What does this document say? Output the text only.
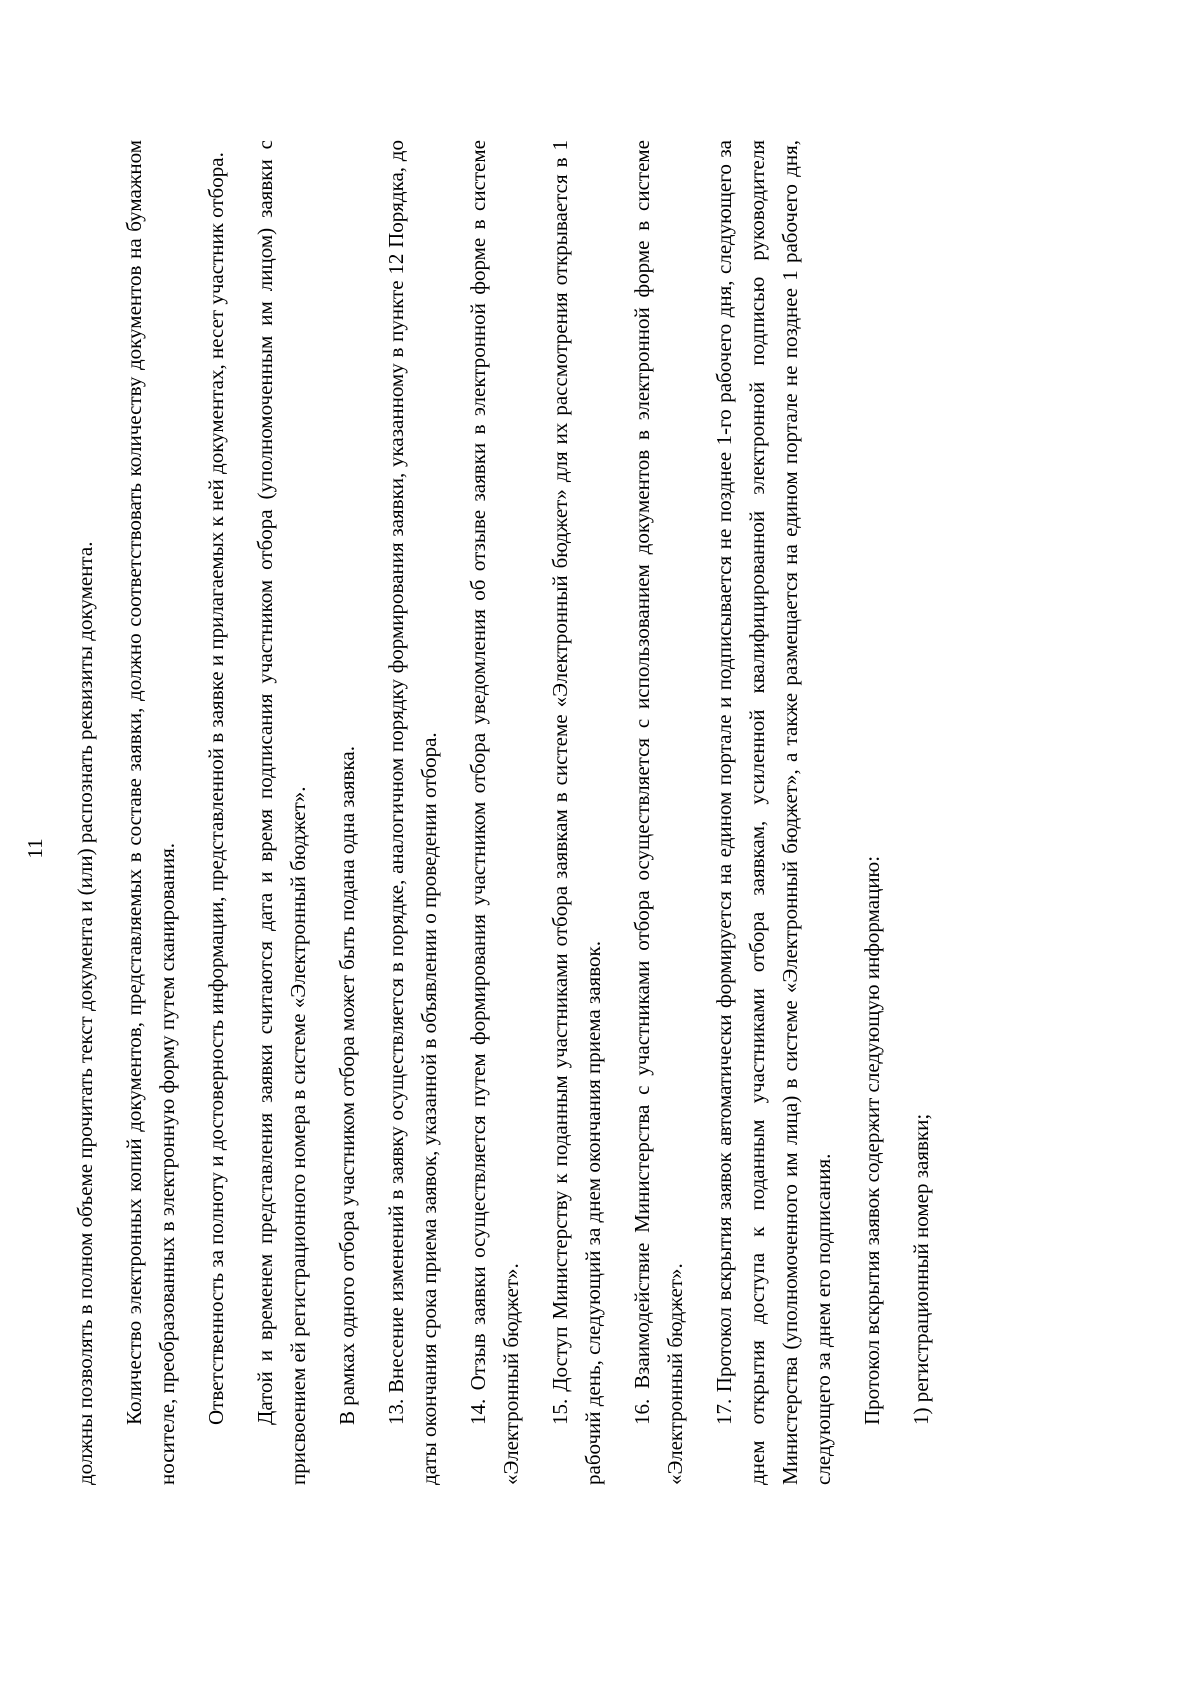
11 должны позволять в полном объеме прочитать текст документа и (или) распознать реквизиты документа. Количество электронных копий документов, представляемых в составе заявки, должно соответствовать количеству документов на бумажном носителе, преобразованных в электронную форму путем сканирования. Ответственность за полноту и достоверность информации, представленной в заявке и прилагаемых к ней документах, несет участник отбора. Датой и временем представления заявки считаются дата и время подписания участником отбора (уполномоченным им лицом) заявки с присвоением ей регистрационного номера в системе «Электронный бюджет». В рамках одного отбора участником отбора может быть подана одна заявка. 13. Внесение изменений в заявку осуществляется в порядке, аналогичном порядку формирования заявки, указанному в пункте 12 Порядка, до даты окончания срока приема заявок, указанной в объявлении о проведении отбора. 14. Отзыв заявки осуществляется путем формирования участником отбора уведомления об отзыве заявки в электронной форме в системе «Электронный бюджет». 15. Доступ Министерству к поданным участниками отбора заявкам в системе «Электронный бюджет» для их рассмотрения открывается в 1 рабочий день, следующий за днем окончания приема заявок. 16. Взаимодействие Министерства с участниками отбора осуществляется с использованием документов в электронной форме в системе «Электронный бюджет». 17. Протокол вскрытия заявок автоматически формируется на едином портале и подписывается не позднее 1-го рабочего дня, следующего за днем открытия доступа к поданным участниками отбора заявкам, усиленной квалифицированной электронной подписью руководителя Министерства (уполномоченного им лица) в системе «Электронный бюджет», а также размещается на едином портале не позднее 1 рабочего дня, следующего за днем его подписания. Протокол вскрытия заявок содержит следующую информацию: 1) регистрационный номер заявки;
